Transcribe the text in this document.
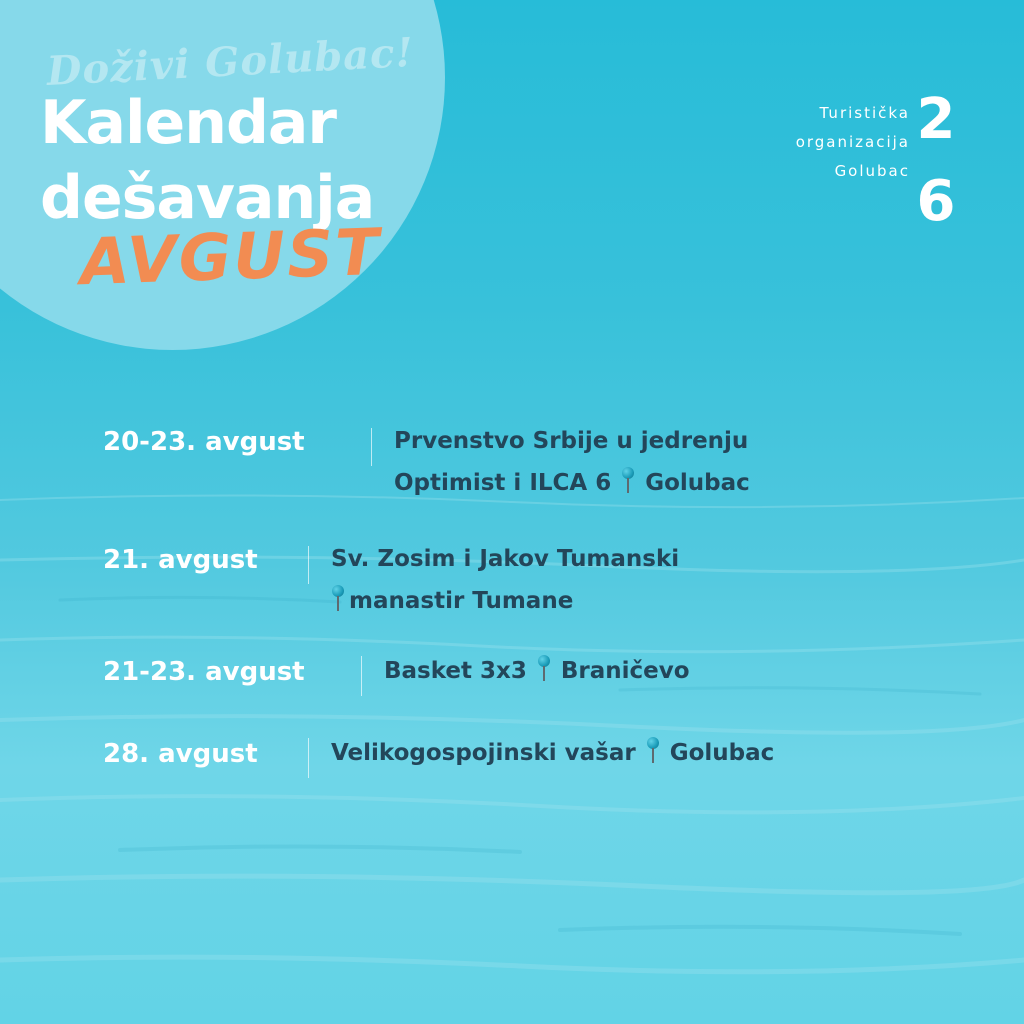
Doživi Golubac!
Kalendar
dešavanja
AVGUST
Turistička
organizacija
Golubac
2
6
20-23. avgust	Prvenstvo Srbije u jedrenju
Optimist i ILCA 6 Golubac
21. avgust	Sv. Zosim i Jakov Tumanski
manastir Tumane
21-23. avgust	Basket 3x3 Braničevo
28. avgust	Velikogospojinski vašar Golubac
